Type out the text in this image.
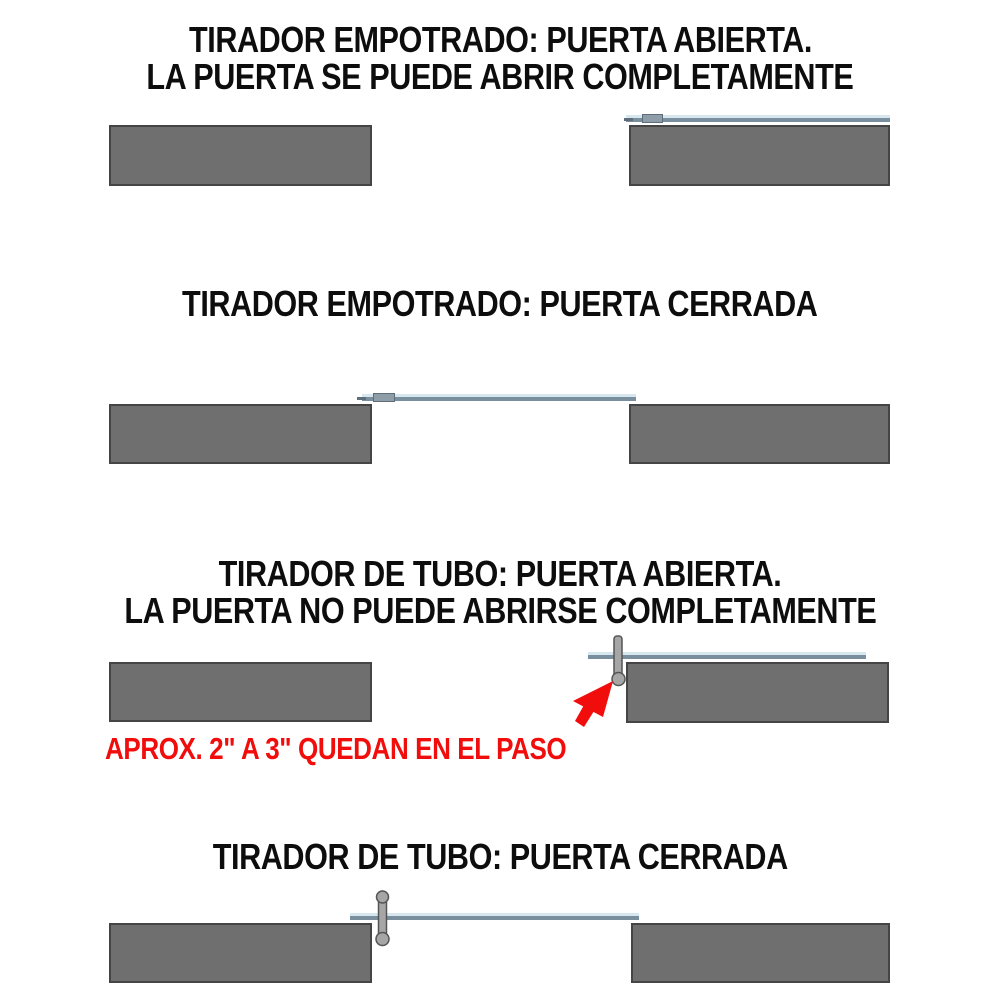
TIRADOR EMPOTRADO: PUERTA ABIERTA.
LA PUERTA SE PUEDE ABRIR COMPLETAMENTE
TIRADOR EMPOTRADO: PUERTA CERRADA
TIRADOR DE TUBO: PUERTA ABIERTA.
LA PUERTA NO PUEDE ABRIRSE COMPLETAMENTE
APROX. 2" A 3" QUEDAN EN EL PASO
TIRADOR DE TUBO: PUERTA CERRADA
